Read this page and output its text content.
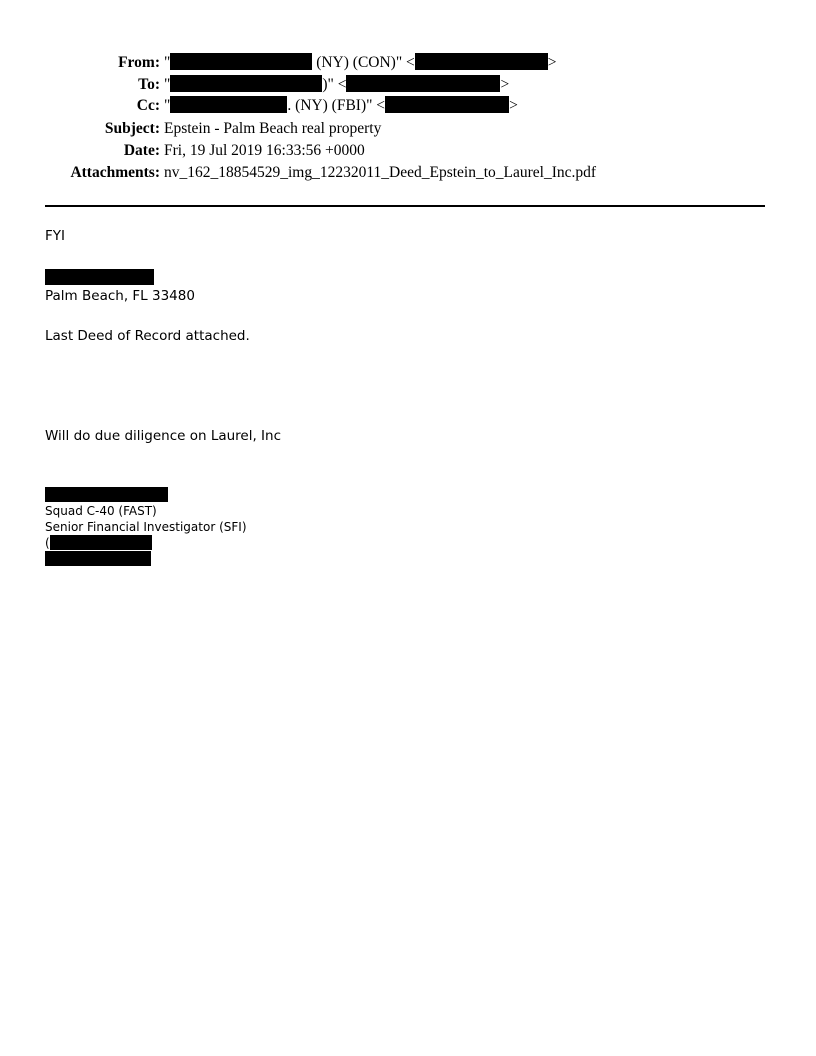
From: "	(NY) (CON)" <	>
To: "	)" <	>
Cc: "	. (NY) (FBI)" <	>
Subject: Epstein - Palm Beach real property
Date: Fri, 19 Jul 2019 16:33:56 +0000
Attachments: nv_162_18854529_img_12232011_Deed_Epstein_to_Laurel_Inc.pdf
FYI
Palm Beach, FL 33480
Last Deed of Record attached.
Will do due diligence on Laurel, Inc
Squad C-40 (FAST)
Senior Financial Investigator (SFI)
(
